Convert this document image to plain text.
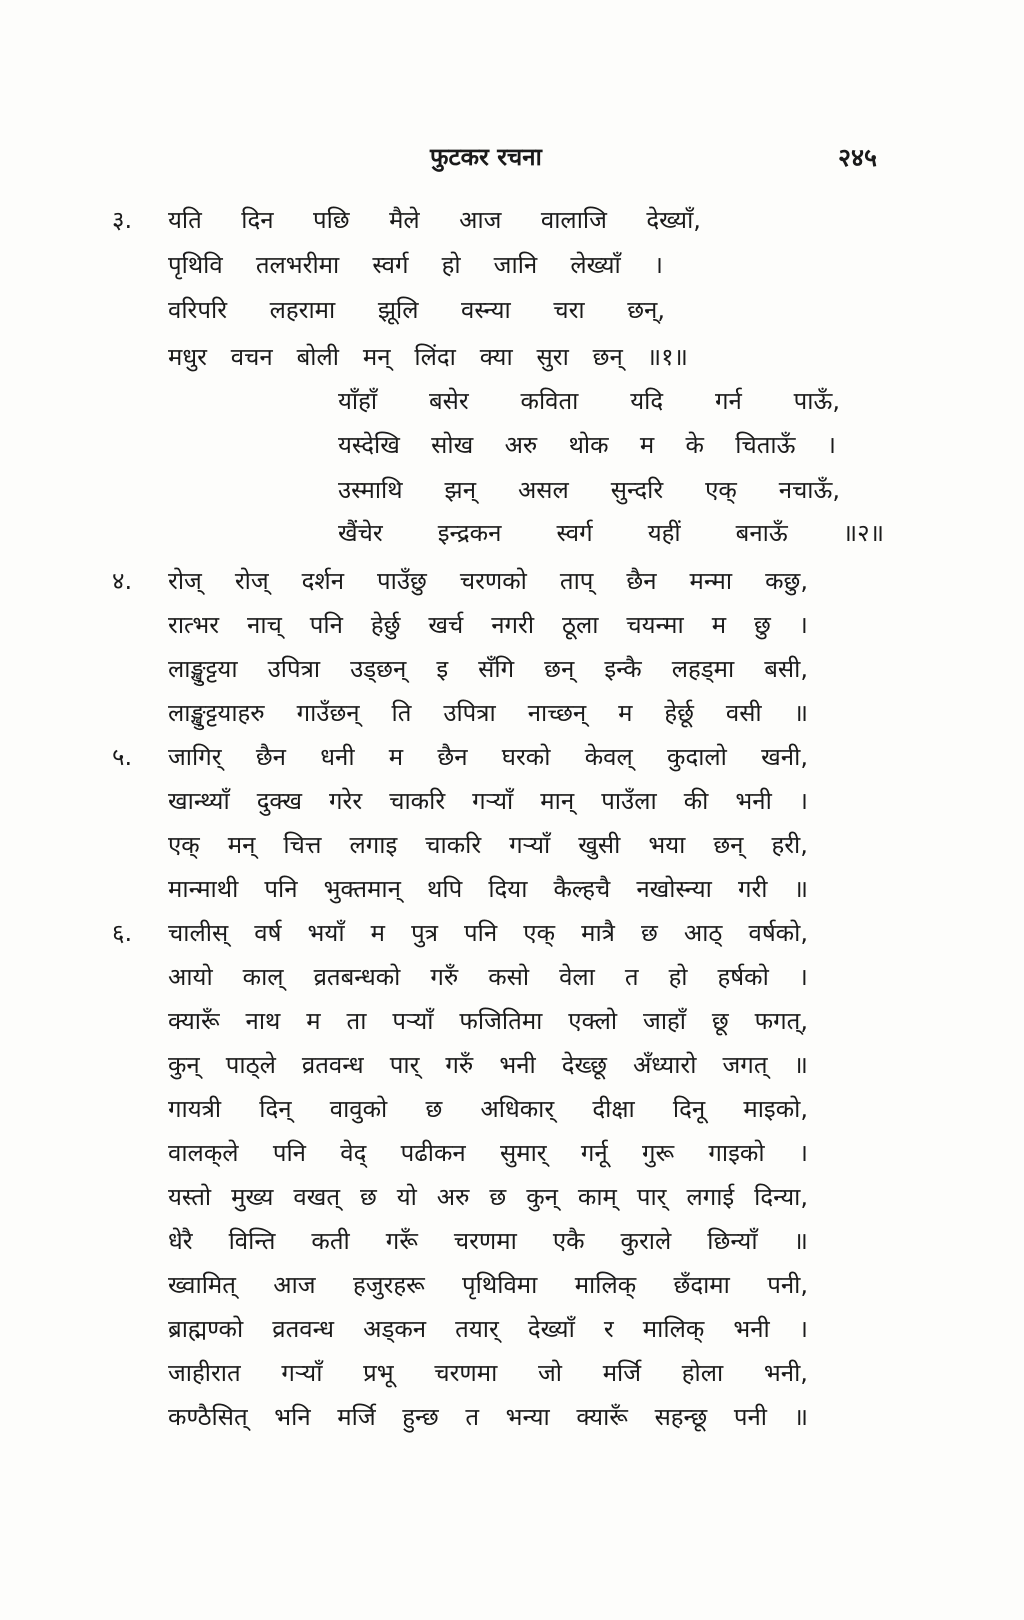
फुटकर रचना	२४५
३. यति दिन पछि मैले आज वालाजि देख्याँ,
पृथिवि तलभरीमा स्वर्ग हो जानि लेख्याँ ।
वरिपरि लहरामा झूलि वस्न्या चरा छन्,
मधुर वचन बोली मन् लिंदा क्या सुरा छन् ॥१॥
याँहाँ बसेर कविता यदि गर्न पाऊँ,
यस्देखि सोख अरु थोक म के चिताऊँ ।
उस्माथि झन् असल सुन्दरि एक् नचाऊँ,
खैंचेर इन्द्रकन स्वर्ग यहीं बनाऊँ ॥२॥
४. रोज् रोज् दर्शन पाउँछु चरणको ताप् छैन मन्मा कछु,
रात्भर नाच् पनि हेर्छु खर्च नगरी ठूला चयन्मा म छु ।
लाङ्खुट्टया उपित्रा उड्‌छन् इ सँगि छन् इन्कै लहड्मा बसी,
लाङ्खुट्टयाहरु गाउँछन् ति उपित्रा नाच्छन् म हेर्छू वसी ॥
५. जागिर् छैन धनी म छैन घरको केवल् कुदालो खनी,
खान्थ्याँ दुक्ख गरेर चाकरि गऱ्याँ मान् पाउँला की भनी ।
एक् मन् चित्त लगाइ चाकरि गऱ्याँ खुसी भया छन् हरी,
मान्माथी पनि भुक्तमान् थपि दिया कैल्हचै नखोस्न्या गरी ॥
६. चालीस् वर्ष भयाँ म पुत्र पनि एक् मात्रै छ आठ् वर्षको,
आयो काल् व्रतबन्धको गरुँ कसो वेला त हो हर्षको ।
क्यारूँ नाथ म ता पऱ्याँ फजितिमा एक्लो जाहाँ छू फगत्,
कुन् पाठ्‌ले व्रतवन्ध पार् गरुँ भनी देख्छू अँध्यारो जगत् ॥
गायत्री दिन् वावुको छ अधिकार् दीक्षा दिनू माइको,
वालक्‌ले पनि वेद् पढीकन सुमार् गर्नू गुरू गाइको ।
यस्तो मुख्य वखत् छ यो अरु छ कुन् काम् पार् लगाई दिन्या,
धेरै विन्ति कती गरूँ चरणमा एकै कुराले छिन्याँ ॥
ख्वामित् आज हजुरहरू पृथिविमा मालिक् छँदामा पनी,
ब्राह्मण्को व्रतवन्ध अड्‌कन तयार् देख्याँ र मालिक् भनी ।
जाहीरात गऱ्याँ प्रभू चरणमा जो मर्जि होला भनी,
कण्ठैसित् भनि मर्जि हुन्छ त भन्या क्यारूँ सहन्छू पनी ॥
